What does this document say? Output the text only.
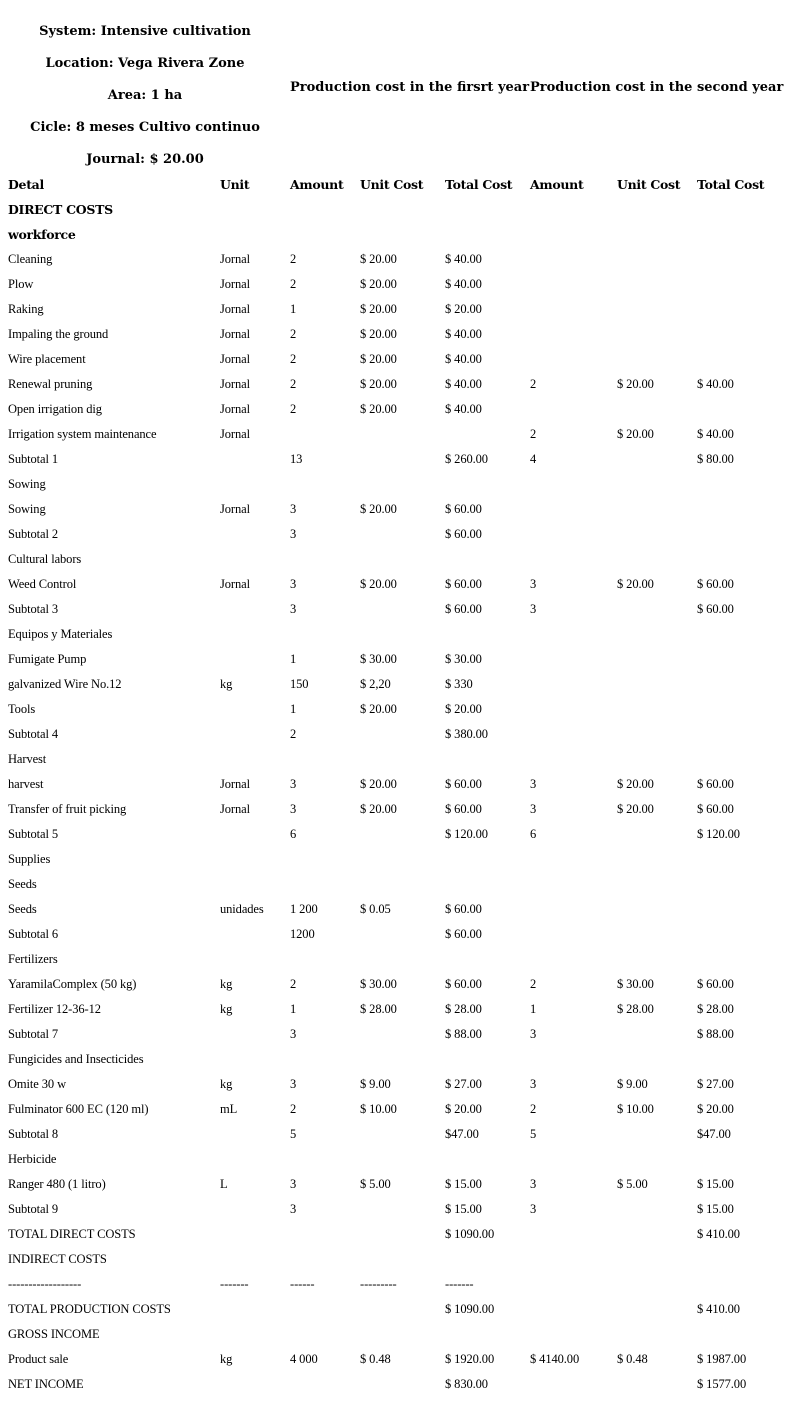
System: Intensive cultivation
Location: Vega Rivera Zone
Area: 1 ha
Cicle: 8 meses Cultivo continuo
Journal: $ 20.00
Production cost in the firsrt year Production cost in the second year
Detal	Unit	Amount	Unit Cost	Total Cost	Amount	Unit Cost	Total Cost
DIRECT COSTS							
workforce							
Cleaning	Jornal	2	$ 20.00	$ 40.00			
Plow	Jornal	2	$ 20.00	$ 40.00			
Raking	Jornal	1	$ 20.00	$ 20.00			
Impaling the ground	Jornal	2	$ 20.00	$ 40.00			
Wire placement	Jornal	2	$ 20.00	$ 40.00			
Renewal pruning	Jornal	2	$ 20.00	$ 40.00	2	$ 20.00	$ 40.00
Open irrigation dig	Jornal	2	$ 20.00	$ 40.00			
Irrigation system maintenance	Jornal				2	$ 20.00	$ 40.00
Subtotal 1		13		$ 260.00	4		$ 80.00
Sowing							
Sowing	Jornal	3	$ 20.00	$ 60.00			
Subtotal 2		3		$ 60.00			
Cultural labors							
Weed Control	Jornal	3	$ 20.00	$ 60.00	3	$ 20.00	$ 60.00
Subtotal 3		3		$ 60.00	3		$ 60.00
Equipos y Materiales							
Fumigate Pump		1	$ 30.00	$ 30.00			
galvanized Wire No.12	kg	150	$ 2,20	$ 330			
Tools		1	$ 20.00	$ 20.00			
Subtotal 4		2		$ 380.00			
Harvest							
harvest	Jornal	3	$ 20.00	$ 60.00	3	$ 20.00	$ 60.00
Transfer of fruit picking	Jornal	3	$ 20.00	$ 60.00	3	$ 20.00	$ 60.00
Subtotal 5		6		$ 120.00	6		$ 120.00
Supplies							
Seeds							
Seeds	unidades	1 200	$ 0.05	$ 60.00			
Subtotal 6		1200		$ 60.00			
Fertilizers							
YaramilaComplex (50 kg)	kg	2	$ 30.00	$ 60.00	2	$ 30.00	$ 60.00
Fertilizer 12-36-12	kg	1	$ 28.00	$ 28.00	1	$ 28.00	$ 28.00
Subtotal 7		3		$ 88.00	3		$ 88.00
Fungicides and Insecticides							
Omite 30 w	kg	3	$ 9.00	$ 27.00	3	$ 9.00	$ 27.00
Fulminator 600 EC (120 ml)	mL	2	$ 10.00	$ 20.00	2	$ 10.00	$ 20.00
Subtotal 8		5		$47.00	5		$47.00
Herbicide							
Ranger 480 (1 litro)	L	3	$ 5.00	$ 15.00	3	$ 5.00	$ 15.00
Subtotal 9		3		$ 15.00	3		$ 15.00
TOTAL DIRECT COSTS				$ 1090.00			$ 410.00
INDIRECT COSTS							
------------------	-------	------	---------	-------			
TOTAL PRODUCTION COSTS				$ 1090.00			$ 410.00
GROSS INCOME							
Product sale	kg	4 000	$ 0.48	$ 1920.00	$ 4140.00	$ 0.48	$ 1987.00
NET INCOME				$ 830.00			$ 1577.00
